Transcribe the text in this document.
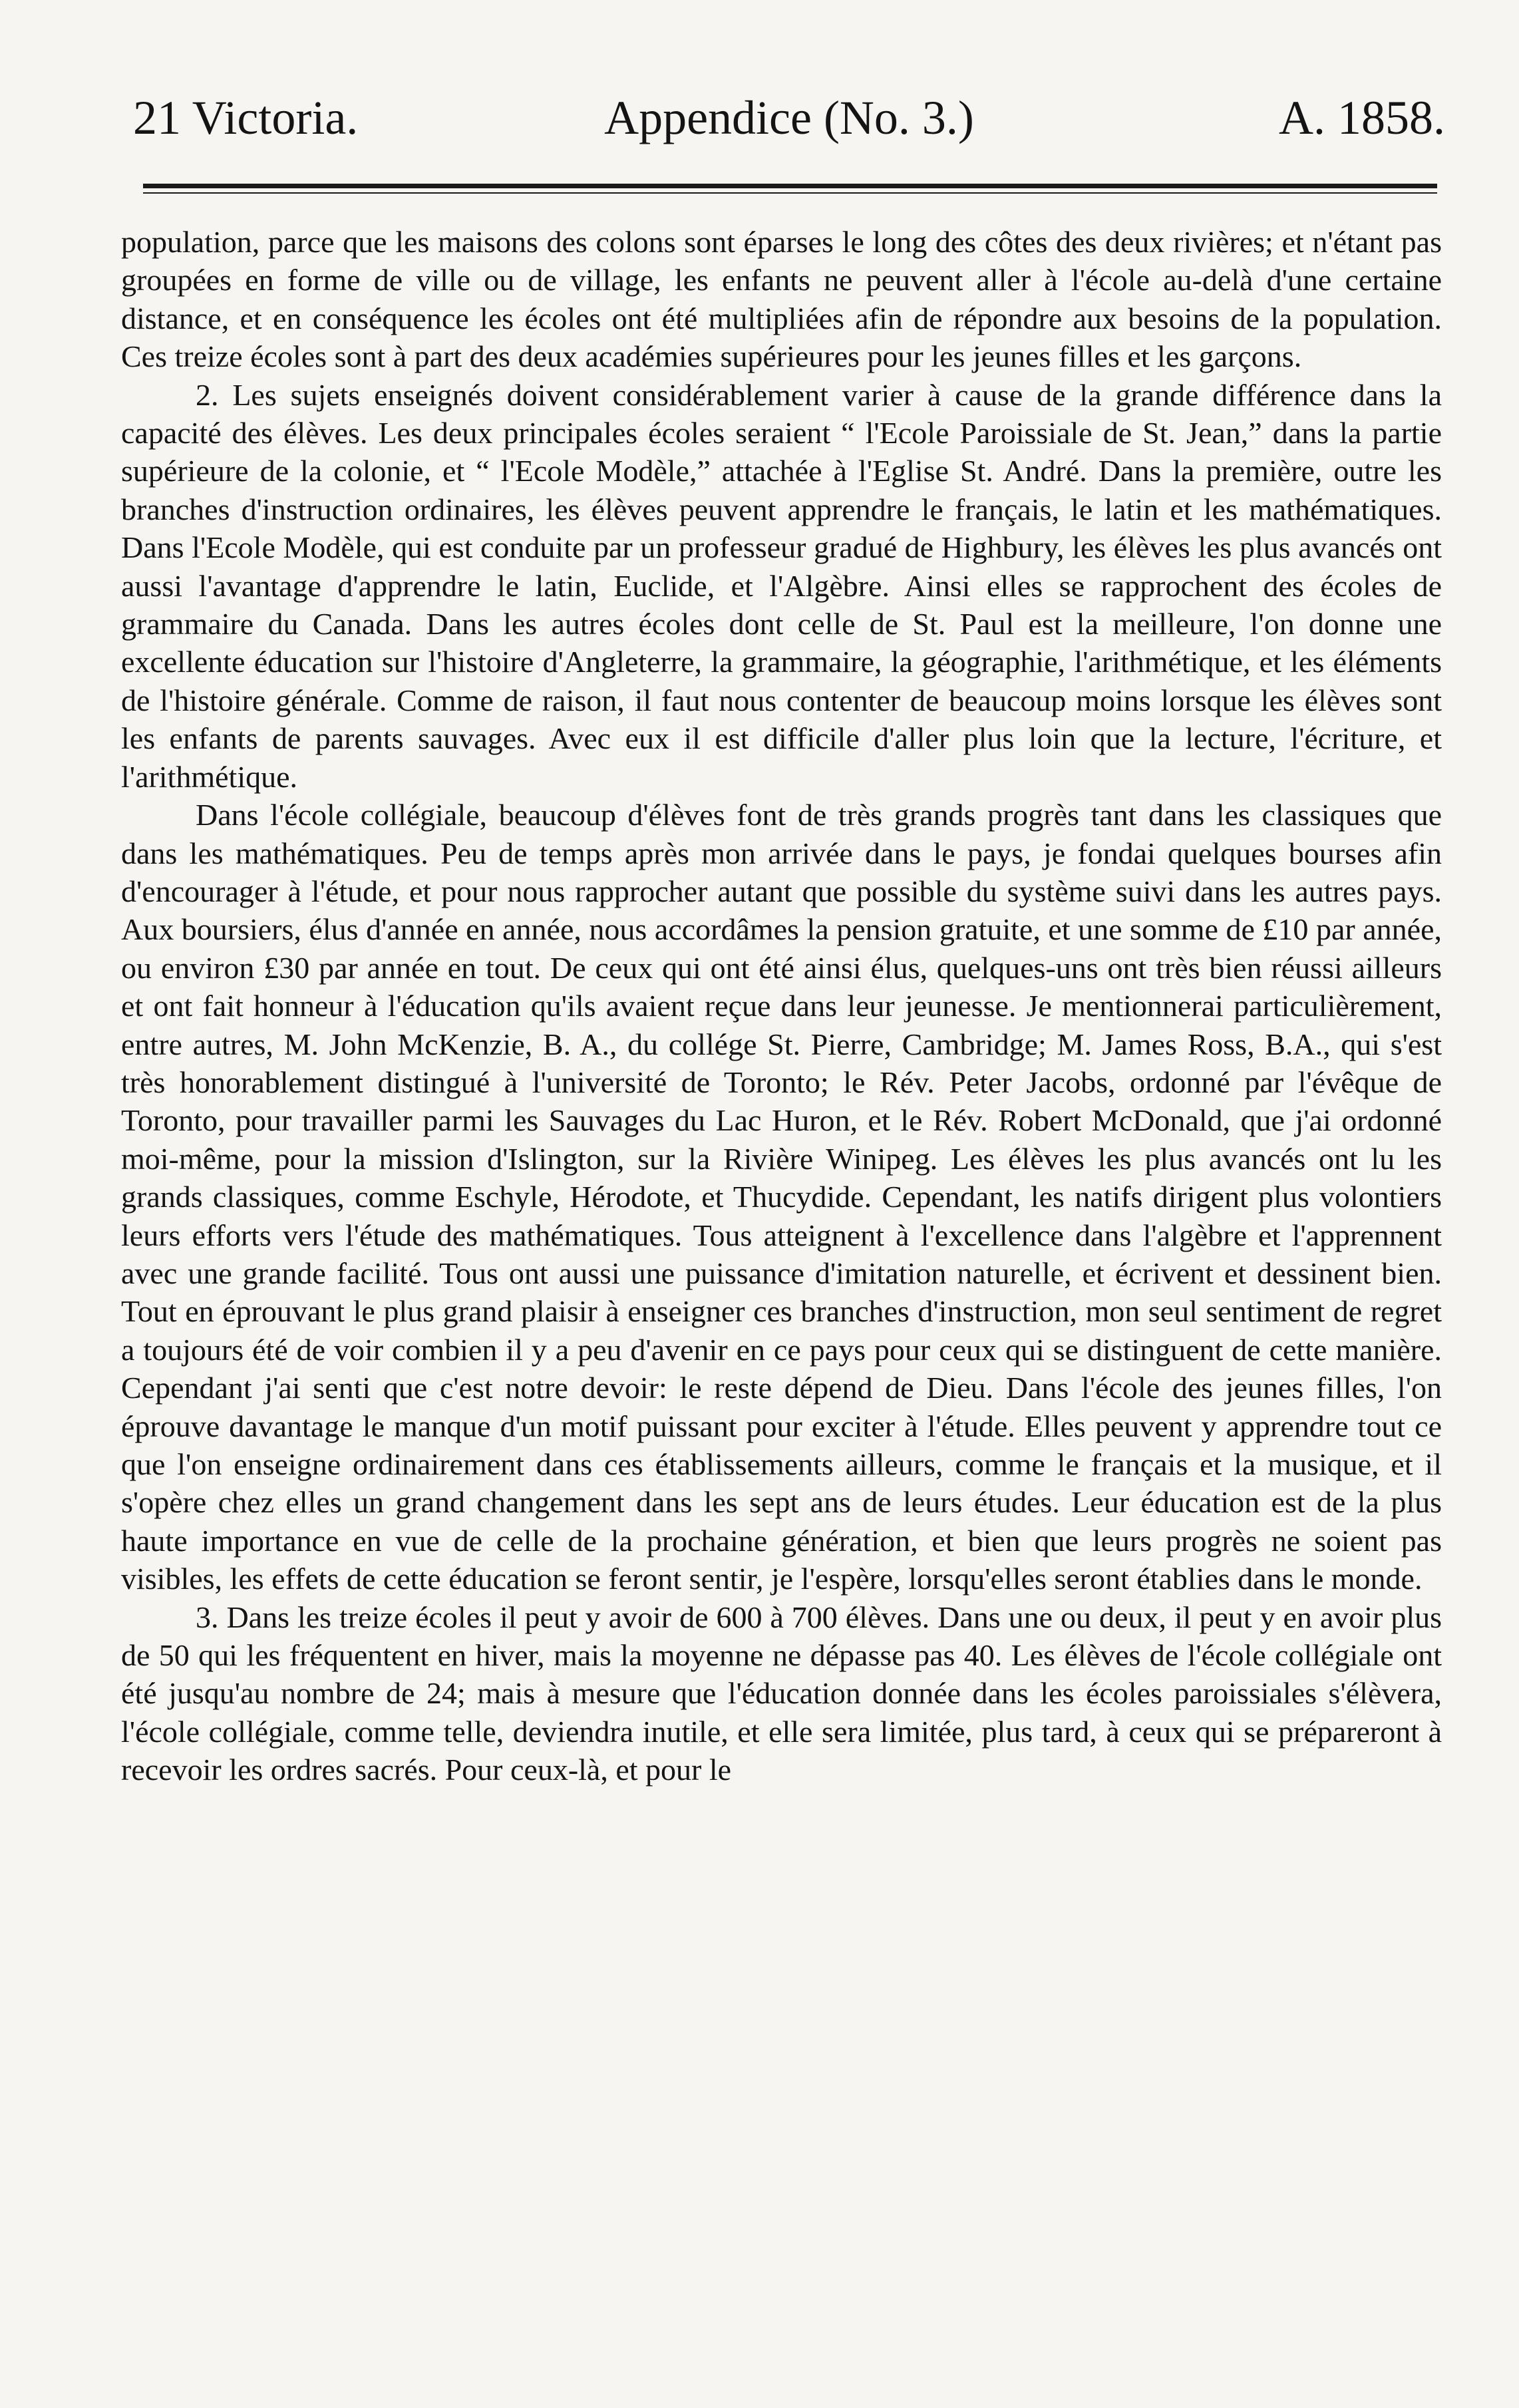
21 Victoria.	Appendice (No. 3.)	A. 1858.

population, parce que les maisons des colons sont éparses le long des côtes des deux rivières; et n'étant pas groupées en forme de ville ou de village, les enfants ne peuvent aller à l'école au-delà d'une certaine distance, et en conséquence les écoles ont été multipliées afin de répondre aux besoins de la population. Ces treize écoles sont à part des deux académies supérieures pour les jeunes filles et les garçons.

2. Les sujets enseignés doivent considérablement varier à cause de la grande différence dans la capacité des élèves. Les deux principales écoles seraient “ l'Ecole Paroissiale de St. Jean,” dans la partie supérieure de la colonie, et “ l'Ecole Modèle,” attachée à l'Eglise St. André. Dans la première, outre les branches d'instruction ordinaires, les élèves peuvent apprendre le français, le latin et les mathématiques. Dans l'Ecole Modèle, qui est conduite par un professeur gradué de Highbury, les élèves les plus avancés ont aussi l'avantage d'apprendre le latin, Euclide, et l'Algèbre. Ainsi elles se rapprochent des écoles de grammaire du Canada. Dans les autres écoles dont celle de St. Paul est la meilleure, l'on donne une excellente éducation sur l'histoire d'Angleterre, la grammaire, la géographie, l'arithmétique, et les éléments de l'histoire générale. Comme de raison, il faut nous contenter de beaucoup moins lorsque les élèves sont les enfants de parents sauvages. Avec eux il est difficile d'aller plus loin que la lecture, l'écriture, et l'arithmétique.

Dans l'école collégiale, beaucoup d'élèves font de très grands progrès tant dans les classiques que dans les mathématiques. Peu de temps après mon arrivée dans le pays, je fondai quelques bourses afin d'encourager à l'étude, et pour nous rapprocher autant que possible du système suivi dans les autres pays. Aux boursiers, élus d'année en année, nous accordâmes la pension gratuite, et une somme de £10 par année, ou environ £30 par année en tout. De ceux qui ont été ainsi élus, quelques-uns ont très bien réussi ailleurs et ont fait honneur à l'éducation qu'ils avaient reçue dans leur jeunesse. Je mentionnerai particulièrement, entre autres, M. John McKenzie, B. A., du collége St. Pierre, Cambridge; M. James Ross, B.A., qui s'est très honorablement distingué à l'université de Toronto; le Rév. Peter Jacobs, ordonné par l'évêque de Toronto, pour travailler parmi les Sauvages du Lac Huron, et le Rév. Robert McDonald, que j'ai ordonné moi-même, pour la mission d'Islington, sur la Rivière Winipeg. Les élèves les plus avancés ont lu les grands classiques, comme Eschyle, Hérodote, et Thucydide. Cependant, les natifs dirigent plus volontiers leurs efforts vers l'étude des mathématiques. Tous atteignent à l'excellence dans l'algèbre et l'apprennent avec une grande facilité. Tous ont aussi une puissance d'imitation naturelle, et écrivent et dessinent bien. Tout en éprouvant le plus grand plaisir à enseigner ces branches d'instruction, mon seul sentiment de regret a toujours été de voir combien il y a peu d'avenir en ce pays pour ceux qui se distinguent de cette manière. Cependant j'ai senti que c'est notre devoir: le reste dépend de Dieu. Dans l'école des jeunes filles, l'on éprouve davantage le manque d'un motif puissant pour exciter à l'étude. Elles peuvent y apprendre tout ce que l'on enseigne ordinairement dans ces établissements ailleurs, comme le français et la musique, et il s'opère chez elles un grand changement dans les sept ans de leurs études. Leur éducation est de la plus haute importance en vue de celle de la prochaine génération, et bien que leurs progrès ne soient pas visibles, les effets de cette éducation se feront sentir, je l'espère, lorsqu'elles seront établies dans le monde.

3. Dans les treize écoles il peut y avoir de 600 à 700 élèves. Dans une ou deux, il peut y en avoir plus de 50 qui les fréquentent en hiver, mais la moyenne ne dépasse pas 40. Les élèves de l'école collégiale ont été jusqu'au nombre de 24; mais à mesure que l'éducation donnée dans les écoles paroissiales s'élèvera, l'école collégiale, comme telle, deviendra inutile, et elle sera limitée, plus tard, à ceux qui se prépareront à recevoir les ordres sacrés. Pour ceux-là, et pour le
